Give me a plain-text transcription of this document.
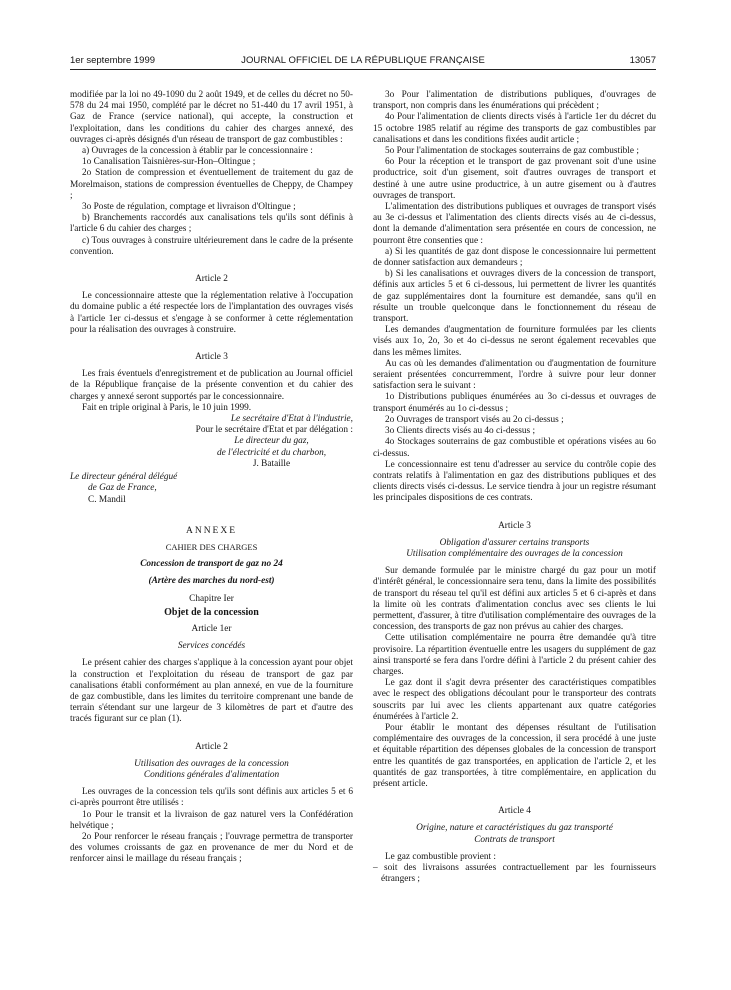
1er septembre 1999	JOURNAL OFFICIEL DE LA RÉPUBLIQUE FRANÇAISE	13057

modifiée par la loi no 49-1090 du 2 août 1949, et de celles du décret no 50-578 du 24 mai 1950, complété par le décret no 51-440 du 17 avril 1951, à Gaz de France (service national), qui accepte, la construction et l'exploitation, dans les conditions du cahier des charges annexé, des ouvrages ci-après désignés d'un réseau de transport de gaz combustibles :

a) Ouvrages de la concession à établir par le concessionnaire :

1o Canalisation Taisnières-sur-Hon–Oltingue ;

2o Station de compression et éventuellement de traitement du gaz de Morelmaison, stations de compression éventuelles de Cheppy, de Champey ;

3o Poste de régulation, comptage et livraison d'Oltingue ;

b) Branchements raccordés aux canalisations tels qu'ils sont définis à l'article 6 du cahier des charges ;

c) Tous ouvrages à construire ultérieurement dans le cadre de la présente convention.

Article 2

Le concessionnaire atteste que la réglementation relative à l'occupation du domaine public a été respectée lors de l'implantation des ouvrages visés à l'article 1er ci-dessus et s'engage à se conformer à cette réglementation pour la réalisation des ouvrages à construire.

Article 3

Les frais éventuels d'enregistrement et de publication au Journal officiel de la République française de la présente convention et du cahier des charges y annexé seront supportés par le concessionnaire.

Fait en triple original à Paris, le 10 juin 1999.

Le secrétaire d'Etat à l'industrie,

Pour le secrétaire d'Etat et par délégation :

Le directeur du gaz,

de l'électricité et du charbon,

J. Bataille

Le directeur général délégué

de Gaz de France,

C. Mandil

ANNEXE

CAHIER DES CHARGES

Concession de transport de gaz no 24

(Artère des marches du nord-est)

Chapitre Ier

Objet de la concession

Article 1er

Services concédés

Le présent cahier des charges s'applique à la concession ayant pour objet la construction et l'exploitation du réseau de transport de gaz par canalisations établi conformément au plan annexé, en vue de la fourniture de gaz combustible, dans les limites du territoire comprenant une bande de terrain s'étendant sur une largeur de 3 kilomètres de part et d'autre des tracés figurant sur ce plan (1).

Article 2

Utilisation des ouvrages de la concession

Conditions générales d'alimentation

Les ouvrages de la concession tels qu'ils sont définis aux articles 5 et 6 ci-après pourront être utilisés :

1o Pour le transit et la livraison de gaz naturel vers la Confédération helvétique ;

2o Pour renforcer le réseau français ; l'ouvrage permettra de transporter des volumes croissants de gaz en provenance de mer du Nord et de renforcer ainsi le maillage du réseau français ;

3o Pour l'alimentation de distributions publiques, d'ouvrages de transport, non compris dans les énumérations qui précèdent ;

4o Pour l'alimentation de clients directs visés à l'article 1er du décret du 15 octobre 1985 relatif au régime des transports de gaz combustibles par canalisations et dans les conditions fixées audit article ;

5o Pour l'alimentation de stockages souterrains de gaz combustible ;

6o Pour la réception et le transport de gaz provenant soit d'une usine productrice, soit d'un gisement, soit d'autres ouvrages de transport et destiné à une autre usine productrice, à un autre gisement ou à d'autres ouvrages de transport.

L'alimentation des distributions publiques et ouvrages de transport visés au 3e ci-dessus et l'alimentation des clients directs visés au 4e ci-dessus, dont la demande d'alimentation sera présentée en cours de concession, ne pourront être consenties que :

a) Si les quantités de gaz dont dispose le concessionnaire lui permettent de donner satisfaction aux demandeurs ;

b) Si les canalisations et ouvrages divers de la concession de transport, définis aux articles 5 et 6 ci-dessous, lui permettent de livrer les quantités de gaz supplémentaires dont la fourniture est demandée, sans qu'il en résulte un trouble quelconque dans le fonctionnement du réseau de transport.

Les demandes d'augmentation de fourniture formulées par les clients visés aux 1o, 2o, 3o et 4o ci-dessus ne seront également recevables que dans les mêmes limites.

Au cas où les demandes d'alimentation ou d'augmentation de fourniture seraient présentées concurremment, l'ordre à suivre pour leur donner satisfaction sera le suivant :

1o Distributions publiques énumérées au 3o ci-dessus et ouvrages de transport énumérés au 1o ci-dessus ;

2o Ouvrages de transport visés au 2o ci-dessus ;

3o Clients directs visés au 4o ci-dessus ;

4o Stockages souterrains de gaz combustible et opérations visées au 6o ci-dessus.

Le concessionnaire est tenu d'adresser au service du contrôle copie des contrats relatifs à l'alimentation en gaz des distributions publiques et des clients directs visés ci-dessus. Le service tiendra à jour un registre résumant les principales dispositions de ces contrats.

Article 3

Obligation d'assurer certains transports

Utilisation complémentaire des ouvrages de la concession

Sur demande formulée par le ministre chargé du gaz pour un motif d'intérêt général, le concessionnaire sera tenu, dans la limite des possibilités de transport du réseau tel qu'il est défini aux articles 5 et 6 ci-après et dans la limite où les contrats d'alimentation conclus avec ses clients le lui permettent, d'assurer, à titre d'utilisation complémentaire des ouvrages de la concession, des transports de gaz non prévus au cahier des charges.

Cette utilisation complémentaire ne pourra être demandée qu'à titre provisoire. La répartition éventuelle entre les usagers du supplément de gaz ainsi transporté se fera dans l'ordre défini à l'article 2 du présent cahier des charges.

Le gaz dont il s'agit devra présenter des caractéristiques compatibles avec le respect des obligations découlant pour le transporteur des contrats souscrits par lui avec les clients appartenant aux quatre catégories énumérées à l'article 2.

Pour établir le montant des dépenses résultant de l'utilisation complémentaire des ouvrages de la concession, il sera procédé à une juste et équitable répartition des dépenses globales de la concession de transport entre les quantités de gaz transportées, en application de l'article 2, et les quantités de gaz transportées, à titre complémentaire, en application du présent article.

Article 4

Origine, nature et caractéristiques du gaz transporté

Contrats de transport

Le gaz combustible provient :

– soit des livraisons assurées contractuellement par les fournisseurs étrangers ;
